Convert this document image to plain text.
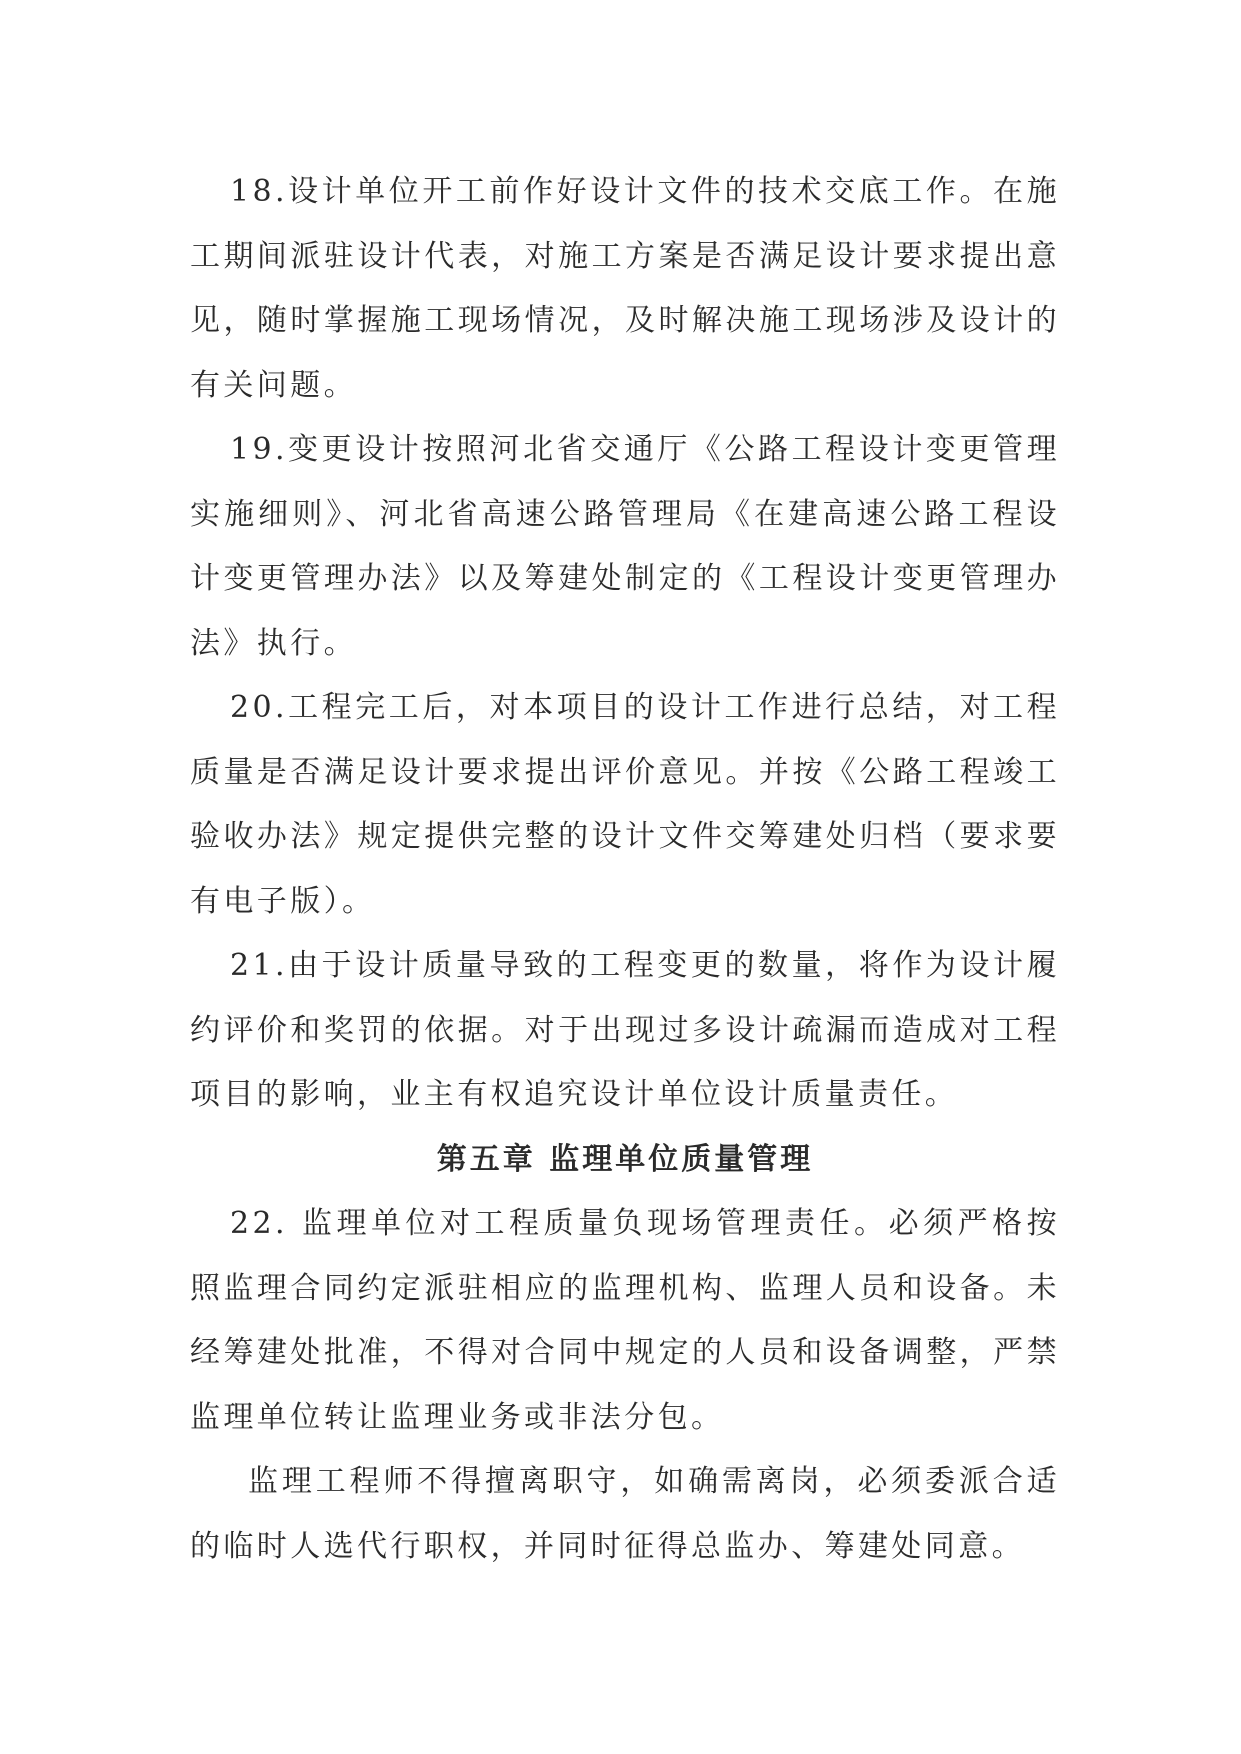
18.设计单位开工前作好设计文件的技术交底工作。在施工期间派驻设计代表，对施工方案是否满足设计要求提出意见，随时掌握施工现场情况，及时解决施工现场涉及设计的有关问题。

19.变更设计按照河北省交通厅《公路工程设计变更管理实施细则》、河北省高速公路管理局《在建高速公路工程设计变更管理办法》以及筹建处制定的《工程设计变更管理办法》执行。

20.工程完工后，对本项目的设计工作进行总结，对工程质量是否满足设计要求提出评价意见。并按《公路工程竣工验收办法》规定提供完整的设计文件交筹建处归档（要求要有电子版）。

21.由于设计质量导致的工程变更的数量，将作为设计履约评价和奖罚的依据。对于出现过多设计疏漏而造成对工程项目的影响，业主有权追究设计单位设计质量责任。

第五章 监理单位质量管理

22. 监理单位对工程质量负现场管理责任。必须严格按照监理合同约定派驻相应的监理机构、监理人员和设备。未经筹建处批准，不得对合同中规定的人员和设备调整，严禁监理单位转让监理业务或非法分包。

监理工程师不得擅离职守，如确需离岗，必须委派合适的临时人选代行职权，并同时征得总监办、筹建处同意。
